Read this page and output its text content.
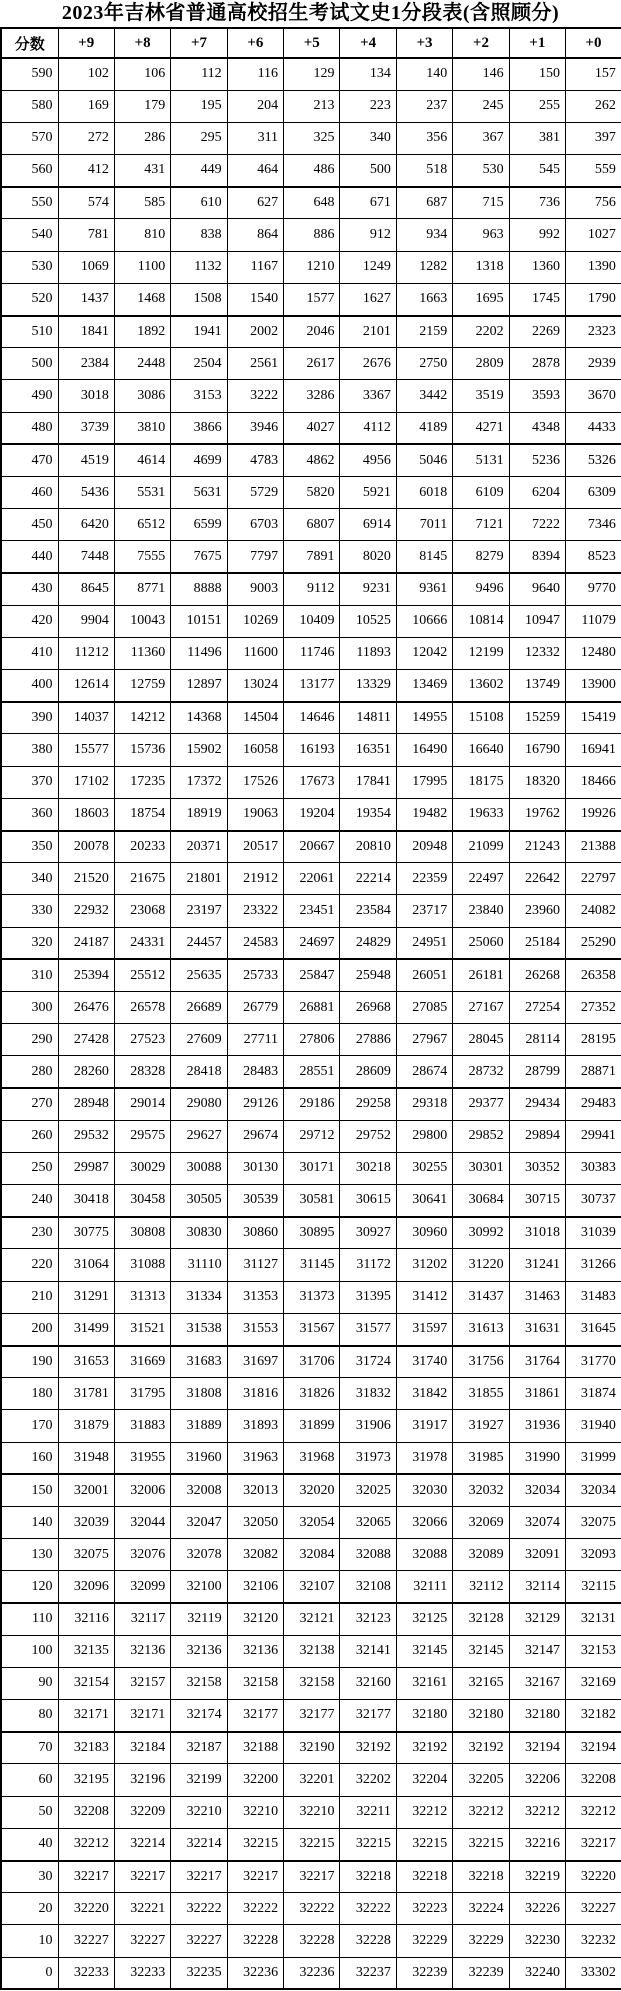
2023年吉林省普通高校招生考试文史1分段表(含照顾分)
分数	+9	+8	+7	+6	+5	+4	+3	+2	+1	+0
590	102	106	112	116	129	134	140	146	150	157
580	169	179	195	204	213	223	237	245	255	262
570	272	286	295	311	325	340	356	367	381	397
560	412	431	449	464	486	500	518	530	545	559
550	574	585	610	627	648	671	687	715	736	756
540	781	810	838	864	886	912	934	963	992	1027
530	1069	1100	1132	1167	1210	1249	1282	1318	1360	1390
520	1437	1468	1508	1540	1577	1627	1663	1695	1745	1790
510	1841	1892	1941	2002	2046	2101	2159	2202	2269	2323
500	2384	2448	2504	2561	2617	2676	2750	2809	2878	2939
490	3018	3086	3153	3222	3286	3367	3442	3519	3593	3670
480	3739	3810	3866	3946	4027	4112	4189	4271	4348	4433
470	4519	4614	4699	4783	4862	4956	5046	5131	5236	5326
460	5436	5531	5631	5729	5820	5921	6018	6109	6204	6309
450	6420	6512	6599	6703	6807	6914	7011	7121	7222	7346
440	7448	7555	7675	7797	7891	8020	8145	8279	8394	8523
430	8645	8771	8888	9003	9112	9231	9361	9496	9640	9770
420	9904	10043	10151	10269	10409	10525	10666	10814	10947	11079
410	11212	11360	11496	11600	11746	11893	12042	12199	12332	12480
400	12614	12759	12897	13024	13177	13329	13469	13602	13749	13900
390	14037	14212	14368	14504	14646	14811	14955	15108	15259	15419
380	15577	15736	15902	16058	16193	16351	16490	16640	16790	16941
370	17102	17235	17372	17526	17673	17841	17995	18175	18320	18466
360	18603	18754	18919	19063	19204	19354	19482	19633	19762	19926
350	20078	20233	20371	20517	20667	20810	20948	21099	21243	21388
340	21520	21675	21801	21912	22061	22214	22359	22497	22642	22797
330	22932	23068	23197	23322	23451	23584	23717	23840	23960	24082
320	24187	24331	24457	24583	24697	24829	24951	25060	25184	25290
310	25394	25512	25635	25733	25847	25948	26051	26181	26268	26358
300	26476	26578	26689	26779	26881	26968	27085	27167	27254	27352
290	27428	27523	27609	27711	27806	27886	27967	28045	28114	28195
280	28260	28328	28418	28483	28551	28609	28674	28732	28799	28871
270	28948	29014	29080	29126	29186	29258	29318	29377	29434	29483
260	29532	29575	29627	29674	29712	29752	29800	29852	29894	29941
250	29987	30029	30088	30130	30171	30218	30255	30301	30352	30383
240	30418	30458	30505	30539	30581	30615	30641	30684	30715	30737
230	30775	30808	30830	30860	30895	30927	30960	30992	31018	31039
220	31064	31088	31110	31127	31145	31172	31202	31220	31241	31266
210	31291	31313	31334	31353	31373	31395	31412	31437	31463	31483
200	31499	31521	31538	31553	31567	31577	31597	31613	31631	31645
190	31653	31669	31683	31697	31706	31724	31740	31756	31764	31770
180	31781	31795	31808	31816	31826	31832	31842	31855	31861	31874
170	31879	31883	31889	31893	31899	31906	31917	31927	31936	31940
160	31948	31955	31960	31963	31968	31973	31978	31985	31990	31999
150	32001	32006	32008	32013	32020	32025	32030	32032	32034	32034
140	32039	32044	32047	32050	32054	32065	32066	32069	32074	32075
130	32075	32076	32078	32082	32084	32088	32088	32089	32091	32093
120	32096	32099	32100	32106	32107	32108	32111	32112	32114	32115
110	32116	32117	32119	32120	32121	32123	32125	32128	32129	32131
100	32135	32136	32136	32136	32138	32141	32145	32145	32147	32153
90	32154	32157	32158	32158	32158	32160	32161	32165	32167	32169
80	32171	32171	32174	32177	32177	32177	32180	32180	32180	32182
70	32183	32184	32187	32188	32190	32192	32192	32192	32194	32194
60	32195	32196	32199	32200	32201	32202	32204	32205	32206	32208
50	32208	32209	32210	32210	32210	32211	32212	32212	32212	32212
40	32212	32214	32214	32215	32215	32215	32215	32215	32216	32217
30	32217	32217	32217	32217	32217	32218	32218	32218	32219	32220
20	32220	32221	32222	32222	32222	32222	32223	32224	32226	32227
10	32227	32227	32227	32228	32228	32228	32229	32229	32230	32232
0	32233	32233	32235	32236	32236	32237	32239	32239	32240	33302
